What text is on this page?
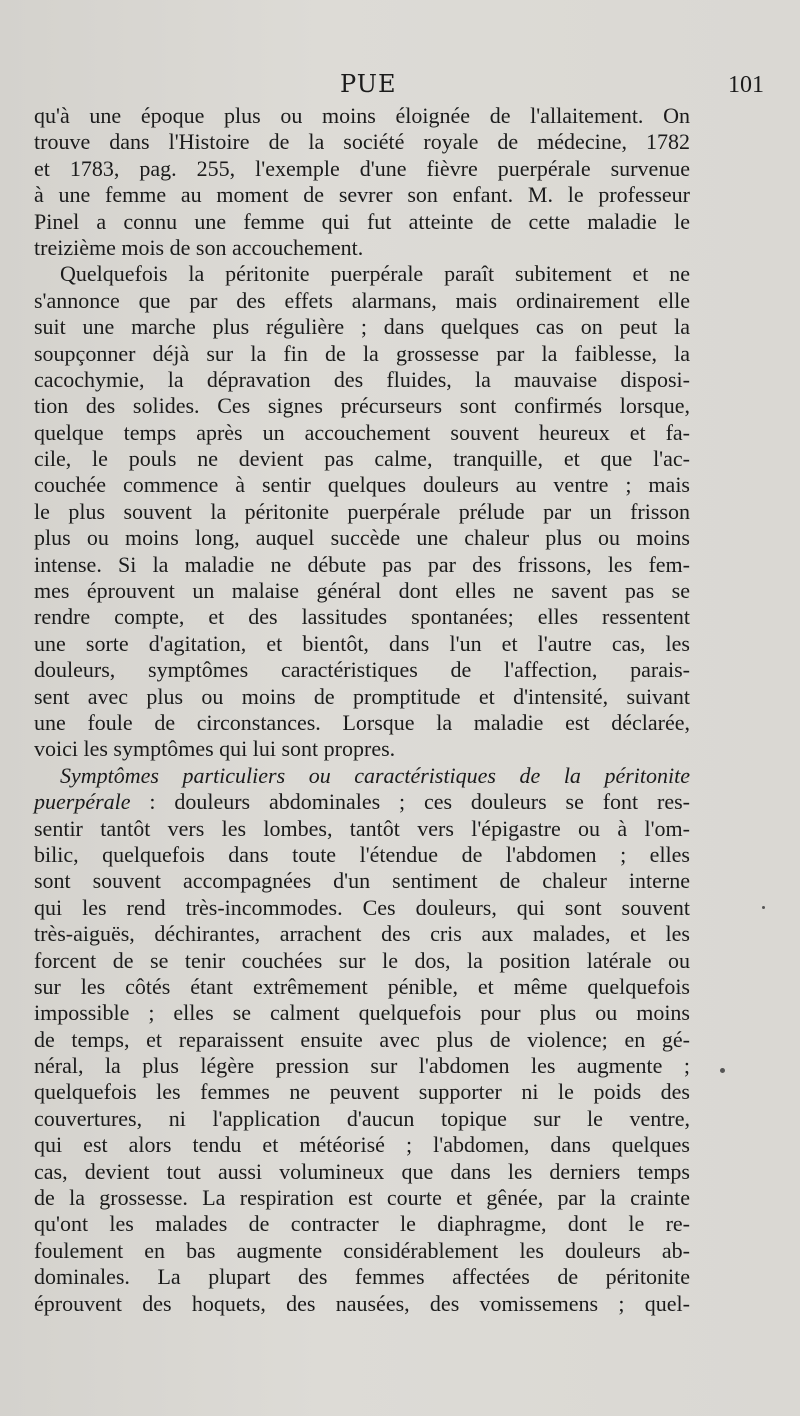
PUE	101
qu'à une époque plus ou moins éloignée de l'allaitement. On
trouve dans l'Histoire de la société royale de médecine, 1782
et 1783, pag. 255, l'exemple d'une fièvre puerpérale survenue
à une femme au moment de sevrer son enfant. M. le professeur
Pinel a connu une femme qui fut atteinte de cette maladie le
treizième mois de son accouchement.
Quelquefois la péritonite puerpérale paraît subitement et ne
s'annonce que par des effets alarmans, mais ordinairement elle
suit une marche plus régulière ; dans quelques cas on peut la
soupçonner déjà sur la fin de la grossesse par la faiblesse, la
cacochymie, la dépravation des fluides, la mauvaise disposi-
tion des solides. Ces signes précurseurs sont confirmés lorsque,
quelque temps après un accouchement souvent heureux et fa-
cile, le pouls ne devient pas calme, tranquille, et que l'ac-
couchée commence à sentir quelques douleurs au ventre ; mais
le plus souvent la péritonite puerpérale prélude par un frisson
plus ou moins long, auquel succède une chaleur plus ou moins
intense. Si la maladie ne débute pas par des frissons, les fem-
mes éprouvent un malaise général dont elles ne savent pas se
rendre compte, et des lassitudes spontanées; elles ressentent
une sorte d'agitation, et bientôt, dans l'un et l'autre cas, les
douleurs, symptômes caractéristiques de l'affection, parais-
sent avec plus ou moins de promptitude et d'intensité, suivant
une foule de circonstances. Lorsque la maladie est déclarée,
voici les symptômes qui lui sont propres.
Symptômes particuliers ou caractéristiques de la péritonite
puerpérale : douleurs abdominales ; ces douleurs se font res-
sentir tantôt vers les lombes, tantôt vers l'épigastre ou à l'om-
bilic, quelquefois dans toute l'étendue de l'abdomen ; elles
sont souvent accompagnées d'un sentiment de chaleur interne
qui les rend très-incommodes. Ces douleurs, qui sont souvent
très-aiguës, déchirantes, arrachent des cris aux malades, et les
forcent de se tenir couchées sur le dos, la position latérale ou
sur les côtés étant extrêmement pénible, et même quelquefois
impossible ; elles se calment quelquefois pour plus ou moins
de temps, et reparaissent ensuite avec plus de violence; en gé-
néral, la plus légère pression sur l'abdomen les augmente ;
quelquefois les femmes ne peuvent supporter ni le poids des
couvertures, ni l'application d'aucun topique sur le ventre,
qui est alors tendu et météorisé ; l'abdomen, dans quelques
cas, devient tout aussi volumineux que dans les derniers temps
de la grossesse. La respiration est courte et gênée, par la crainte
qu'ont les malades de contracter le diaphragme, dont le re-
foulement en bas augmente considérablement les douleurs ab-
dominales. La plupart des femmes affectées de péritonite
éprouvent des hoquets, des nausées, des vomissemens ; quel-
